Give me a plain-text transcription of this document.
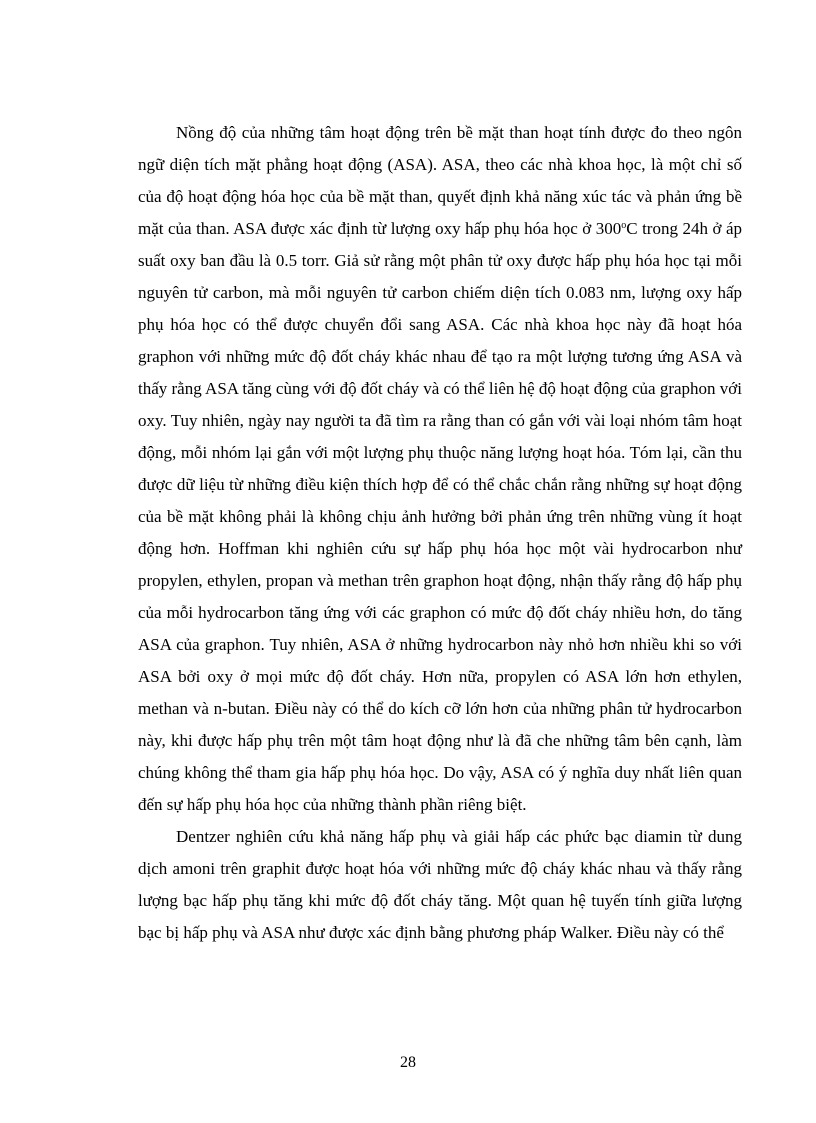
Nồng độ của những tâm hoạt động trên bề mặt than hoạt tính được đo theo ngôn ngữ diện tích mặt phẳng hoạt động (ASA). ASA, theo các nhà khoa học, là một chỉ số của độ hoạt động hóa học của bề mặt than, quyết định khả năng xúc tác và phản ứng bề mặt của than. ASA được xác định từ lượng oxy hấp phụ hóa học ở 300$^o$C trong 24h ở áp suất oxy ban đầu là 0.5 torr. Giả sử rằng một phân tử oxy được hấp phụ hóa học tại mỗi nguyên tử carbon, mà mỗi nguyên tử carbon chiếm diện tích 0.083 nm, lượng oxy hấp phụ hóa học có thể được chuyển đổi sang ASA. Các nhà khoa học này đã hoạt hóa graphon với những mức độ đốt cháy khác nhau để tạo ra một lượng tương ứng ASA và thấy rằng ASA tăng cùng với độ đốt cháy và có thể liên hệ độ hoạt động của graphon với oxy. Tuy nhiên, ngày nay người ta đã tìm ra rằng than có gắn với vài loại nhóm tâm hoạt động, mỗi nhóm lại gắn với một lượng phụ thuộc năng lượng hoạt hóa. Tóm lại, cần thu được dữ liệu từ những điều kiện thích hợp để có thể chắc chắn rằng những sự hoạt động của bề mặt không phải là không chịu ảnh hưởng bởi phản ứng trên những vùng ít hoạt động hơn. Hoffman khi nghiên cứu sự hấp phụ hóa học một vài hydrocarbon như propylen, ethylen, propan và methan trên graphon hoạt động, nhận thấy rằng độ hấp phụ của mỗi hydrocarbon tăng ứng với các graphon có mức độ đốt cháy nhiều hơn, do tăng ASA của graphon. Tuy nhiên, ASA ở những hydrocarbon này nhỏ hơn nhiều khi so với ASA bởi oxy ở mọi mức độ đốt cháy. Hơn nữa, propylen có ASA lớn hơn ethylen, methan và n-butan. Điều này có thể do kích cỡ lớn hơn của những phân tử hydrocarbon này, khi được hấp phụ trên một tâm hoạt động như là đã che những tâm bên cạnh, làm chúng không thể tham gia hấp phụ hóa học. Do vậy, ASA có ý nghĩa duy nhất liên quan đến sự hấp phụ hóa học của những thành phần riêng biệt.

Dentzer nghiên cứu khả năng hấp phụ và giải hấp các phức bạc diamin từ dung dịch amoni trên graphit được hoạt hóa với những mức độ cháy khác nhau và thấy rằng lượng bạc hấp phụ tăng khi mức độ đốt cháy tăng. Một quan hệ tuyến tính giữa lượng bạc bị hấp phụ và ASA như được xác định bằng phương pháp Walker. Điều này có thể

28
